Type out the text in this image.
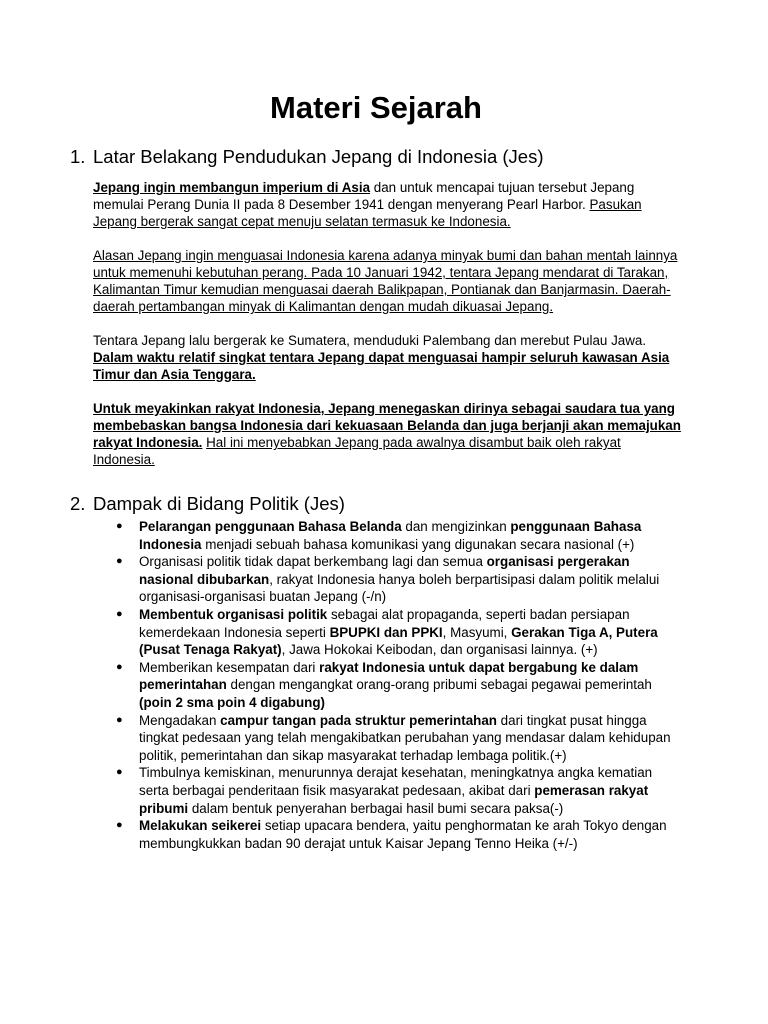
Materi Sejarah
1. Latar Belakang Pendudukan Jepang di Indonesia (Jes)

Jepang ingin membangun imperium di Asia dan untuk mencapai tujuan tersebut Jepang memulai Perang Dunia II pada 8 Desember 1941 dengan menyerang Pearl Harbor. Pasukan Jepang bergerak sangat cepat menuju selatan termasuk ke Indonesia.

Alasan Jepang ingin menguasai Indonesia karena adanya minyak bumi dan bahan mentah lainnya untuk memenuhi kebutuhan perang. Pada 10 Januari 1942, tentara Jepang mendarat di Tarakan, Kalimantan Timur kemudian menguasai daerah Balikpapan, Pontianak dan Banjarmasin. Daerah-daerah pertambangan minyak di Kalimantan dengan mudah dikuasai Jepang.

Tentara Jepang lalu bergerak ke Sumatera, menduduki Palembang dan merebut Pulau Jawa. Dalam waktu relatif singkat tentara Jepang dapat menguasai hampir seluruh kawasan Asia Timur dan Asia Tenggara.

Untuk meyakinkan rakyat Indonesia, Jepang menegaskan dirinya sebagai saudara tua yang membebaskan bangsa Indonesia dari kekuasaan Belanda dan juga berjanji akan memajukan rakyat Indonesia. Hal ini menyebabkan Jepang pada awalnya disambut baik oleh rakyat Indonesia.

2. Dampak di Bidang Politik (Jes)
● Pelarangan penggunaan Bahasa Belanda dan mengizinkan penggunaan Bahasa Indonesia menjadi sebuah bahasa komunikasi yang digunakan secara nasional (+)
● Organisasi politik tidak dapat berkembang lagi dan semua organisasi pergerakan nasional dibubarkan, rakyat Indonesia hanya boleh berpartisipasi dalam politik melalui organisasi-organisasi buatan Jepang (-/n)
● Membentuk organisasi politik sebagai alat propaganda, seperti badan persiapan kemerdekaan Indonesia seperti BPUPKI dan PPKI, Masyumi, Gerakan Tiga A, Putera (Pusat Tenaga Rakyat), Jawa Hokokai Keibodan, dan organisasi lainnya. (+)
● Memberikan kesempatan dari rakyat Indonesia untuk dapat bergabung ke dalam pemerintahan dengan mengangkat orang-orang pribumi sebagai pegawai pemerintah (poin 2 sma poin 4 digabung)
● Mengadakan campur tangan pada struktur pemerintahan dari tingkat pusat hingga tingkat pedesaan yang telah mengakibatkan perubahan yang mendasar dalam kehidupan politik, pemerintahan dan sikap masyarakat terhadap lembaga politik.(+)
● Timbulnya kemiskinan, menurunnya derajat kesehatan, meningkatnya angka kematian serta berbagai penderitaan fisik masyarakat pedesaan, akibat dari pemerasan rakyat pribumi dalam bentuk penyerahan berbagai hasil bumi secara paksa(-)
● Melakukan seikerei setiap upacara bendera, yaitu penghormatan ke arah Tokyo dengan membungkukkan badan 90 derajat untuk Kaisar Jepang Tenno Heika (+/-)
